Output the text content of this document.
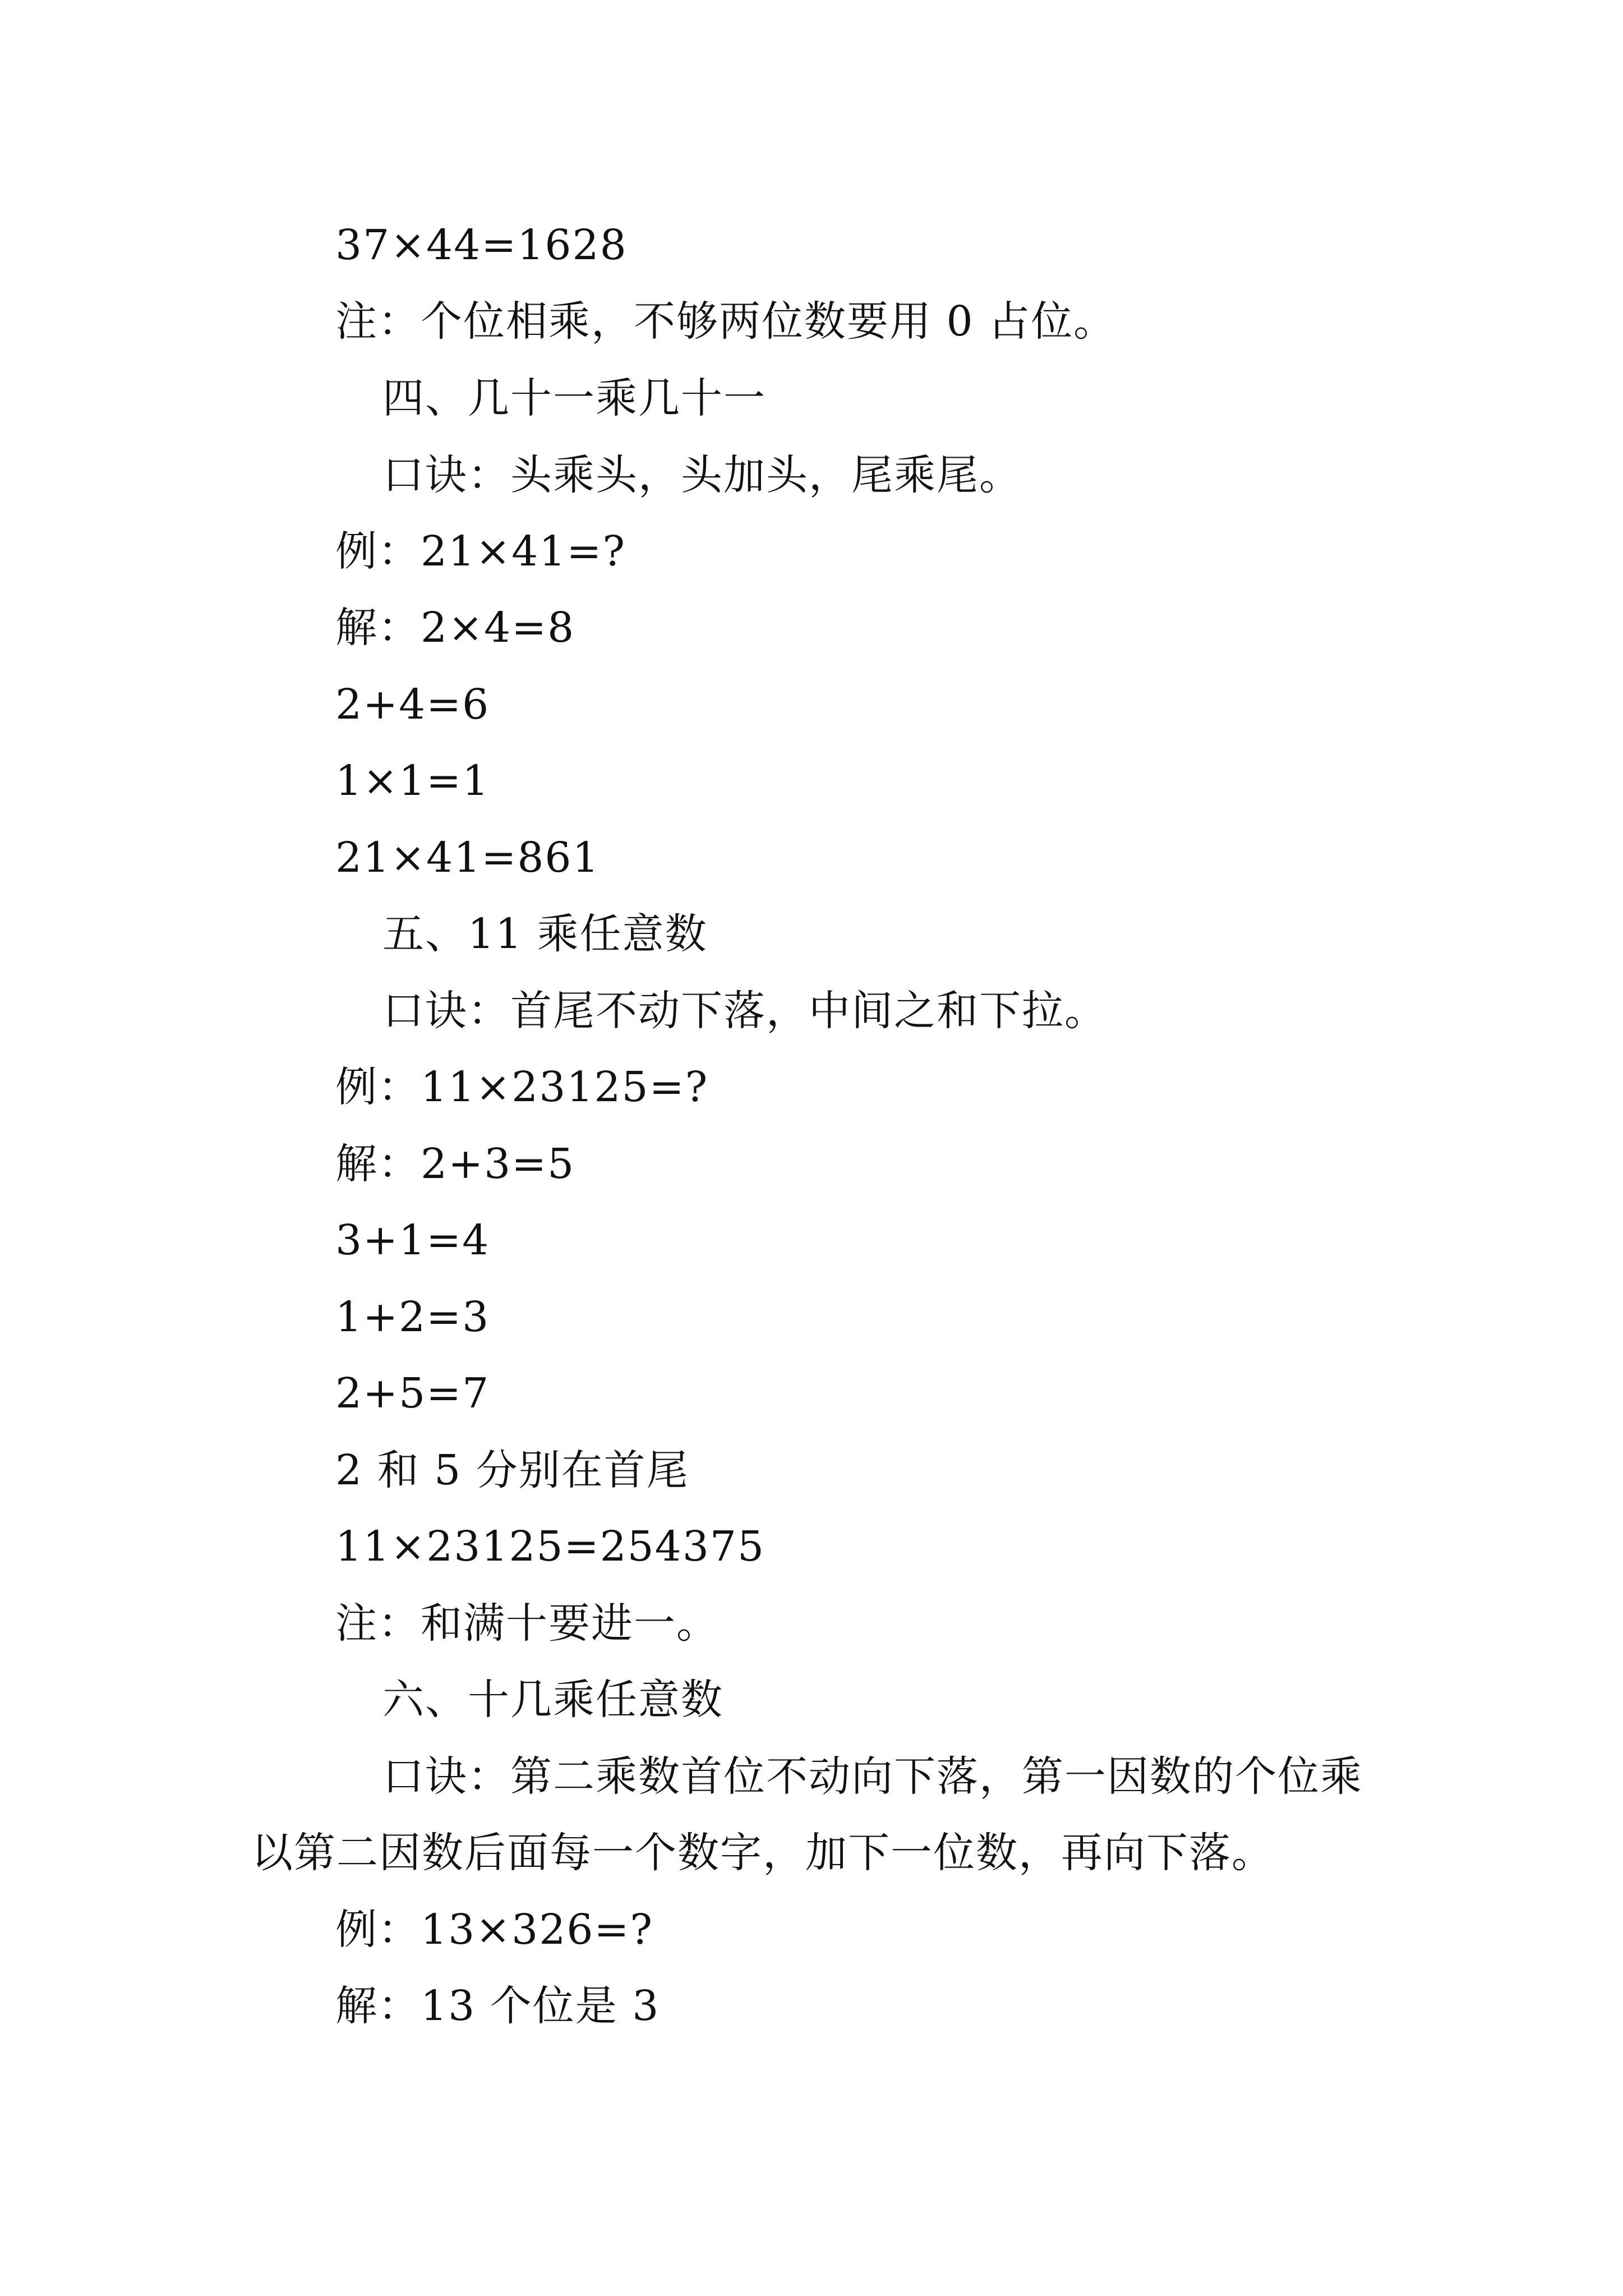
37×44=1628
注：个位相乘，不够两位数要用 0 占位。
四、几十一乘几十一
口诀：头乘头，头加头，尾乘尾。
例：21×41=?
解：2×4=8
2+4=6
1×1=1
21×41=861
五、11 乘任意数
口诀：首尾不动下落，中间之和下拉。
例：11×23125=?
解：2+3=5
3+1=4
1+2=3
2+5=7
2 和 5 分别在首尾
11×23125=254375
注：和满十要进一。
六、十几乘任意数
口诀：第二乘数首位不动向下落，第一因数的个位乘
以第二因数后面每一个数字，加下一位数，再向下落。
例：13×326=?
解：13 个位是 3
